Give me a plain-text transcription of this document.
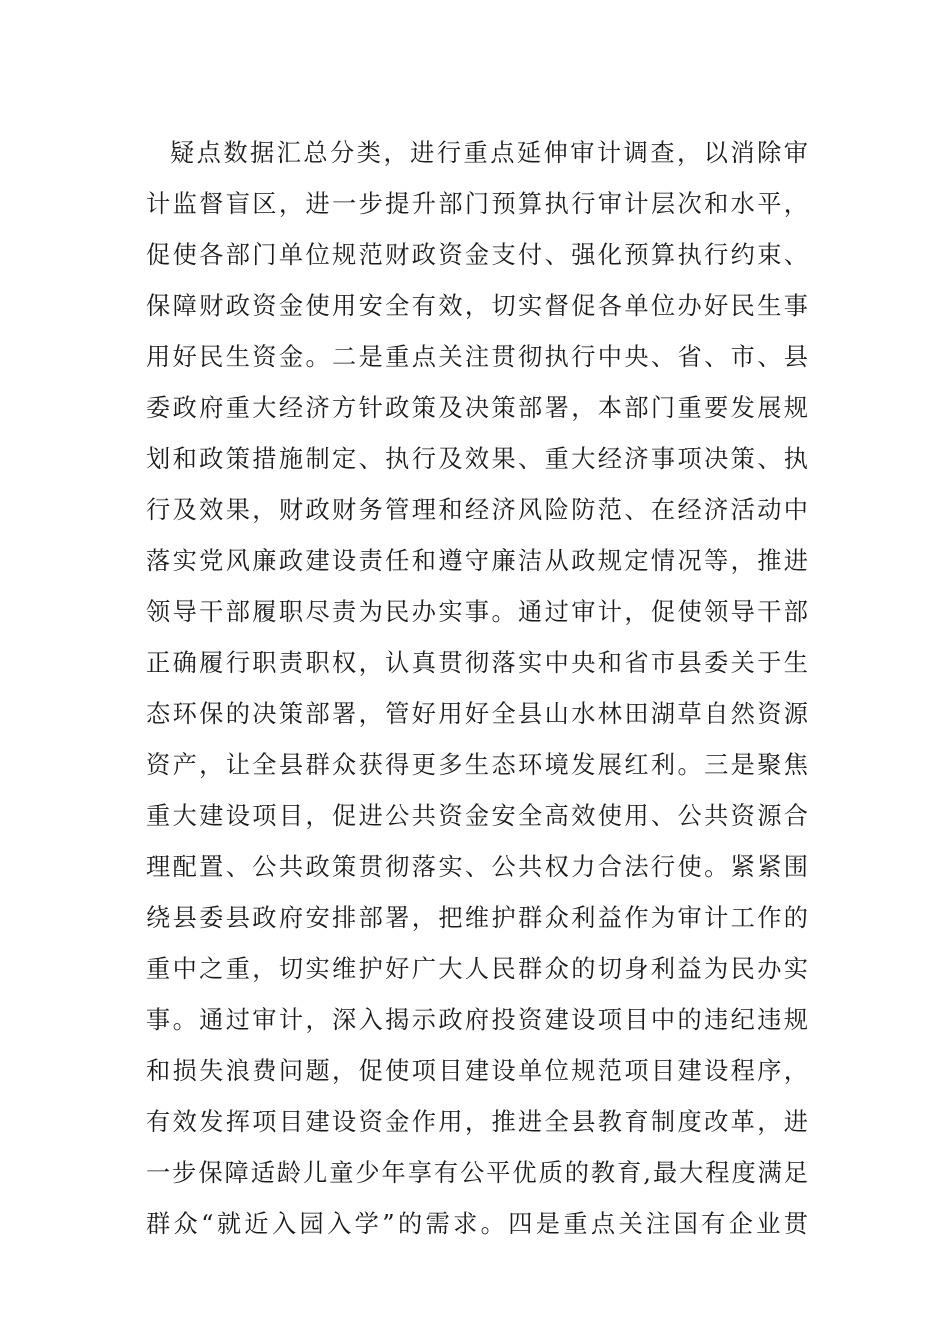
疑点数据汇总分类，进行重点延伸审计调查，以消除审
计监督盲区，进一步提升部门预算执行审计层次和水平，
促使各部门单位规范财政资金支付、强化预算执行约束、
保障财政资金使用安全有效，切实督促各单位办好民生事
用好民生资金。二是重点关注贯彻执行中央、省、市、县
委政府重大经济方针政策及决策部署，本部门重要发展规
划和政策措施制定、执行及效果、重大经济事项决策、执
行及效果，财政财务管理和经济风险防范、在经济活动中
落实党风廉政建设责任和遵守廉洁从政规定情况等，推进
领导干部履职尽责为民办实事。通过审计，促使领导干部
正确履行职责职权，认真贯彻落实中央和省市县委关于生
态环保的决策部署，管好用好全县山水林田湖草自然资源
资产，让全县群众获得更多生态环境发展红利。三是聚焦
重大建设项目，促进公共资金安全高效使用、公共资源合
理配置、公共政策贯彻落实、公共权力合法行使。紧紧围
绕县委县政府安排部署，把维护群众利益作为审计工作的
重中之重，切实维护好广大人民群众的切身利益为民办实
事。通过审计，深入揭示政府投资建设项目中的违纪违规
和损失浪费问题，促使项目建设单位规范项目建设程序，
有效发挥项目建设资金作用，推进全县教育制度改革，进
一步保障适龄儿童少年享有公平优质的教育,最大程度满足
群众“就近入园入学”的需求。四是重点关注国有企业贯
